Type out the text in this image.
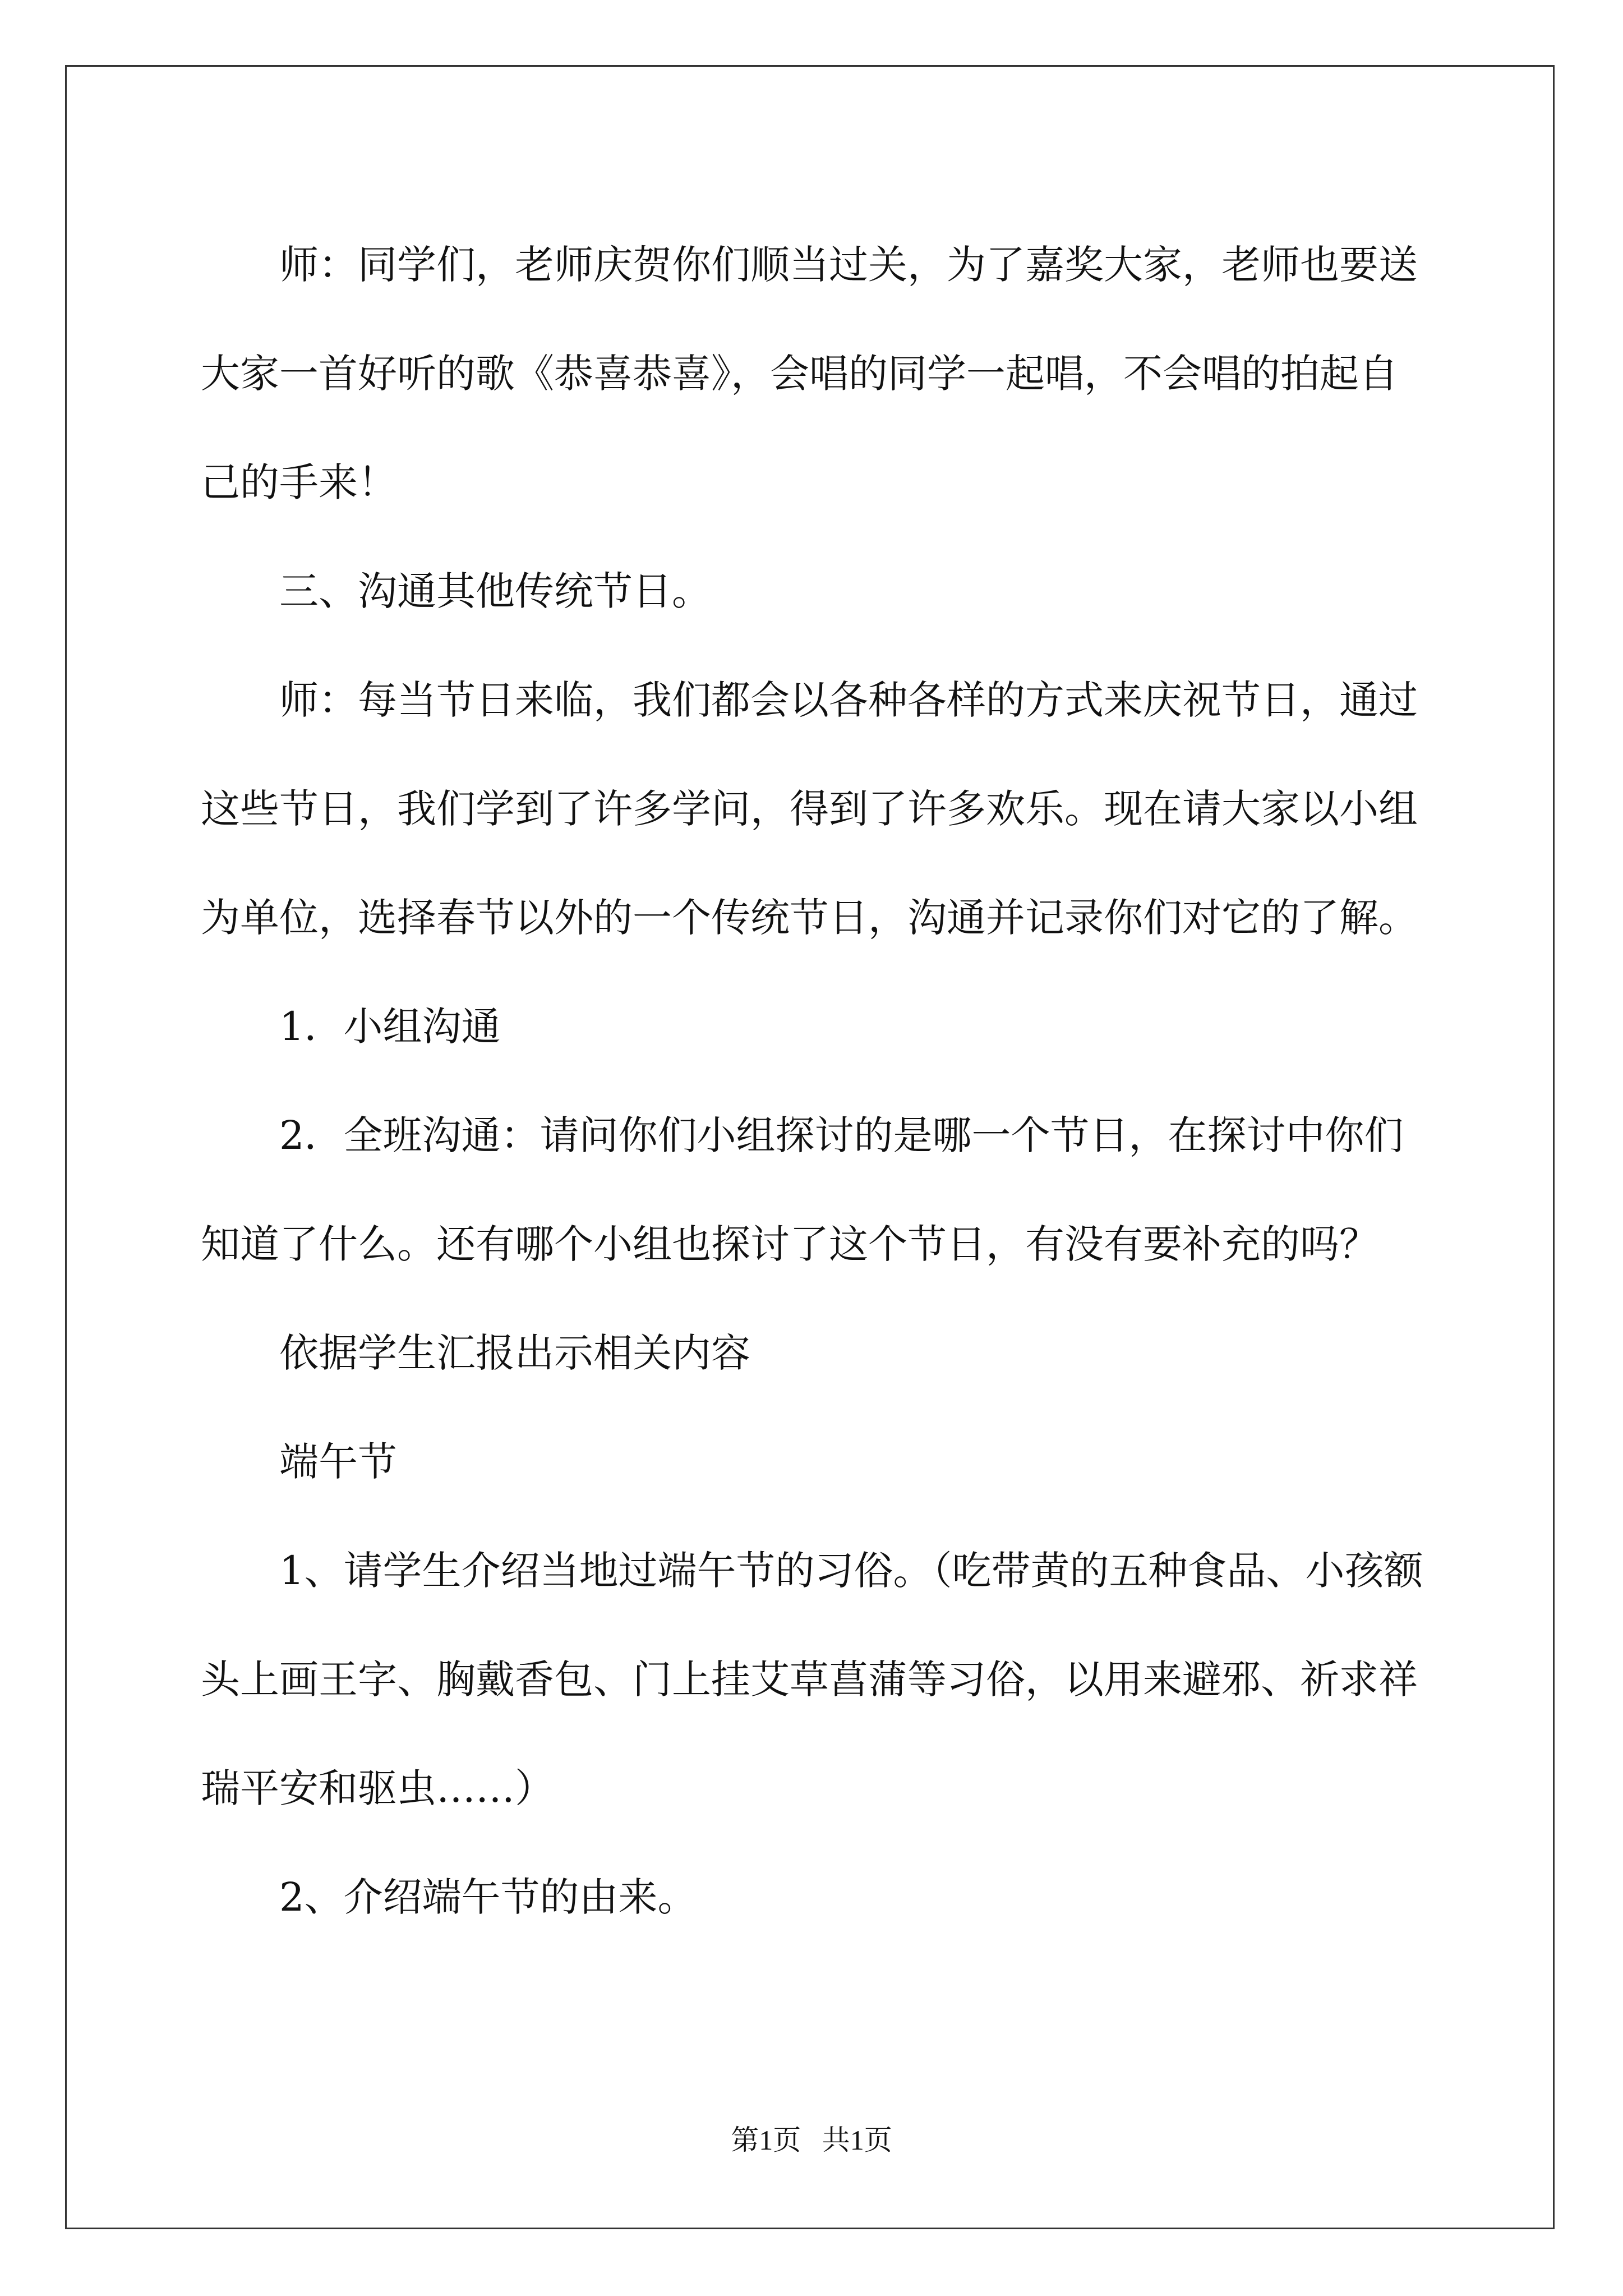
师：同学们，老师庆贺你们顺当过关，为了嘉奖大家，老师也要送大家一首好听的歌《恭喜恭喜》，会唱的同学一起唱，不会唱的拍起自己的手来！

三、沟通其他传统节日。

师：每当节日来临，我们都会以各种各样的方式来庆祝节日，通过这些节日，我们学到了许多学问，得到了许多欢乐。现在请大家以小组为单位，选择春节以外的一个传统节日，沟通并记录你们对它的了解。

1．小组沟通

2．全班沟通：请问你们小组探讨的是哪一个节日，在探讨中你们知道了什么。还有哪个小组也探讨了这个节日，有没有要补充的吗？

依据学生汇报出示相关内容

端午节

1、请学生介绍当地过端午节的习俗。（吃带黄的五种食品、小孩额头上画王字、胸戴香包、门上挂艾草菖蒲等习俗，以用来避邪、祈求祥瑞平安和驱虫……）

2、介绍端午节的由来。

第1页   共1页
